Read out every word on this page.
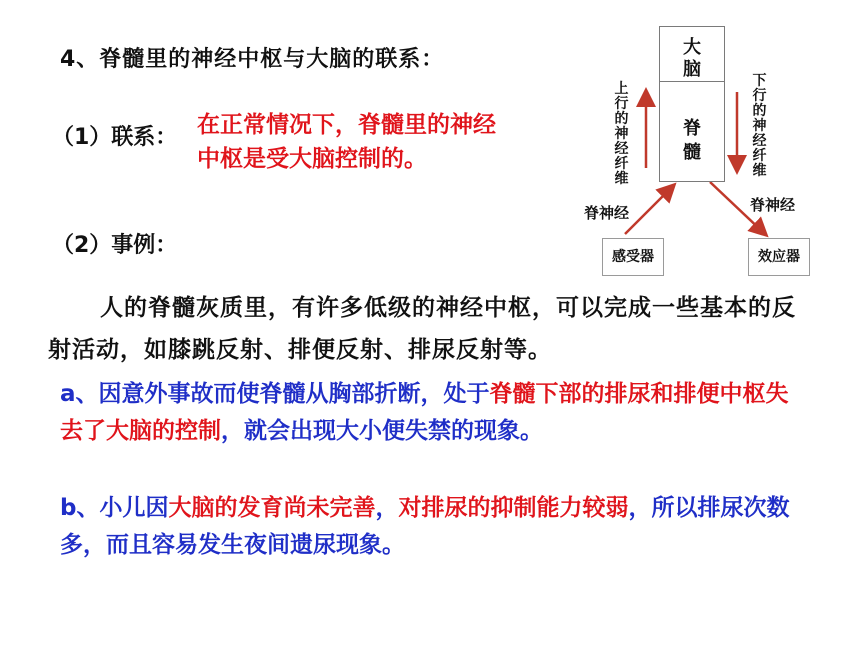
4、脊髓里的神经中枢与大脑的联系：
（1）联系： 在正常情况下，脊髓里的神经
中枢是受大脑控制的。
（2）事例：
人的脊髓灰质里，有许多低级的神经中枢，可以完成一些基本的反射活动，如膝跳反射、排便反射、排尿反射等。
a、因意外事故而使脊髓从胸部折断，处于脊髓下部的排尿和排便中枢失去了大脑的控制，就会出现大小便失禁的现象。
b、小儿因大脑的发育尚未完善，对排尿的抑制能力较弱，所以排尿次数多，而且容易发生夜间遗尿现象。
大脑
脊髓
上行的神经纤维
下行的神经纤维
脊神经	脊神经
感受器	效应器
